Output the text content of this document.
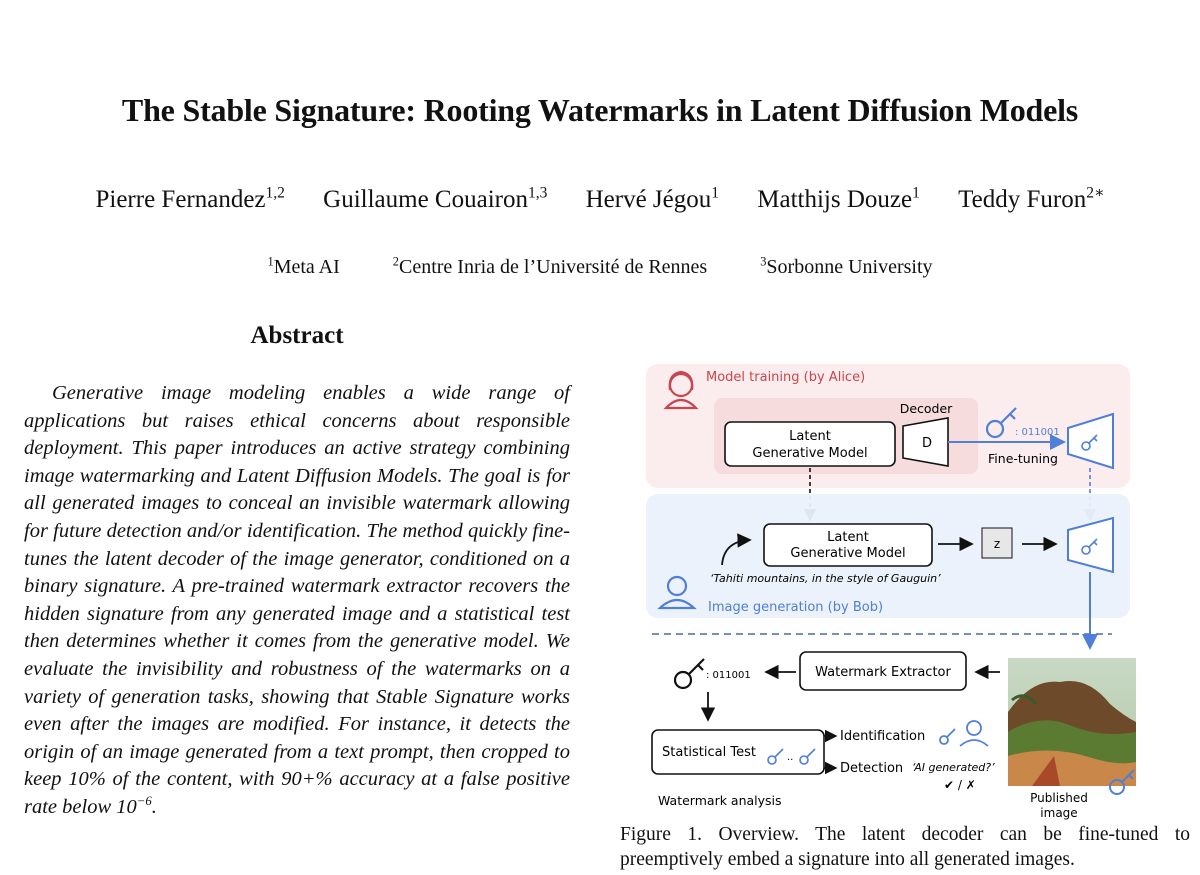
The Stable Signature: Rooting Watermarks in Latent Diffusion Models
Pierre Fernandez$^{1,2}$ Guillaume Couairon$^{1,3}$ Hervé Jégou$^1$ Matthijs Douze$^1$ Teddy Furon$^{2∗}$
$^1$Meta AI	$^2$Centre Inria de l’Université de Rennes	$^3$Sorbonne University
Abstract
Generative image modeling enables a wide range of applications but raises ethical concerns about responsible deployment. This paper introduces an active strategy combining image watermarking and Latent Diffusion Models. The goal is for all generated images to conceal an invisible watermark allowing for future detection and/or identification. The method quickly fine-tunes the latent decoder of the image generator, conditioned on a binary signature. A pre-trained watermark extractor recovers the hidden signature from any generated image and a statistical test then determines whether it comes from the generative model. We evaluate the invisibility and robustness of the watermarks on a variety of generation tasks, showing that Stable Signature works even after the images are modified. For instance, it detects the origin of an image generated from a text prompt, then cropped to keep 10% of the content, with 90+% accuracy at a false positive rate below $10^{-6}$.
Model training (by Alice)
Latent
Generative Model
Decoder
D
: 011001
Fine-tuning
Latent
Generative Model
‘Tahiti mountains, in the style of Gauguin’
z
Image generation (by Bob)
Published
image
Watermark Extractor
: 011001
Statistical Test	..
Identification
Detection ‘AI generated?’
✔ / ✗
Watermark analysis
Figure 1. Overview. The latent decoder can be fine-tuned to preemptively embed a signature into all generated images.
